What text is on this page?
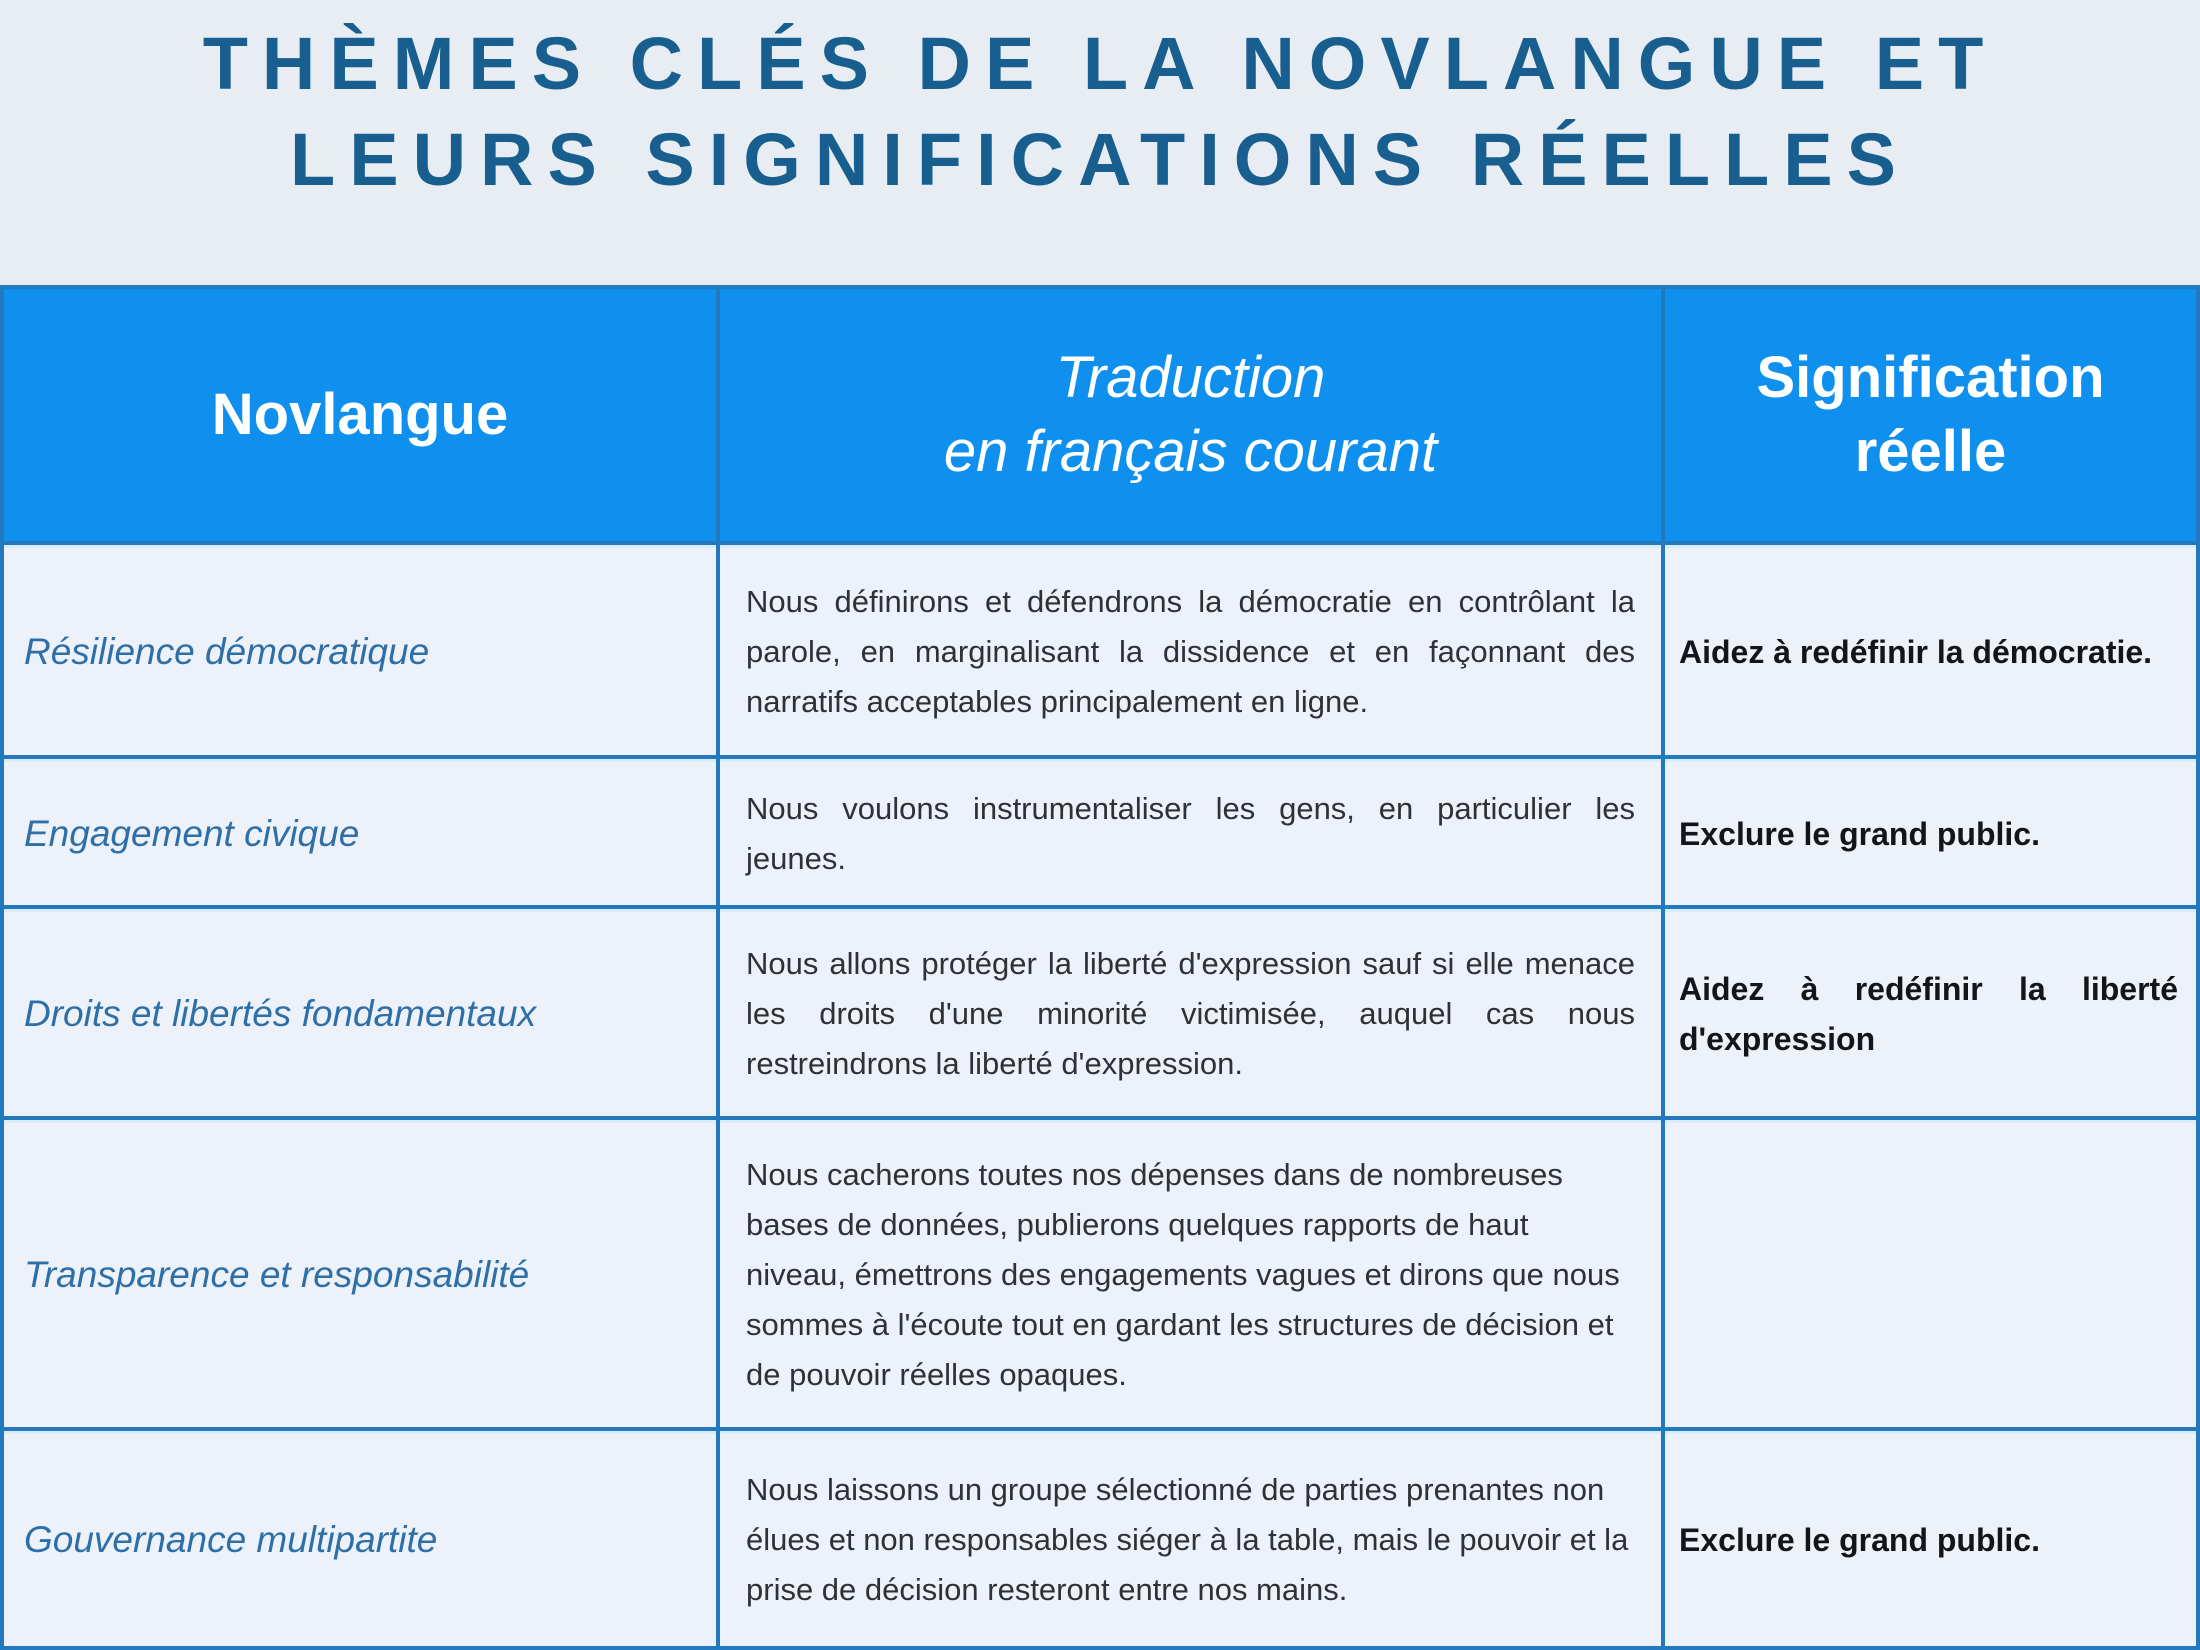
THÈMES CLÉS DE LA NOVLANGUE ET
LEURS SIGNIFICATIONS RÉELLES
Novlangue
Traduction
en français courant
Signification
réelle
Résilience démocratique
Nous définirons et défendrons la démocratie en contrôlant la parole, en marginalisant la dissidence et en façonnant des narratifs acceptables principalement en ligne.
Aidez à redéfinir la démocratie.
Engagement civique
Nous voulons instrumentaliser les gens, en particulier les jeunes.
Exclure le grand public.
Droits et libertés fondamentaux
Nous allons protéger la liberté d'expression sauf si elle menace les droits d'une minorité victimisée, auquel cas nous restreindrons la liberté d'expression.
Aidez à redéfinir la liberté d'expression
Transparence et responsabilité
Nous cacherons toutes nos dépenses dans de nombreuses bases de données, publierons quelques rapports de haut niveau, émettrons des engagements vagues et dirons que nous sommes à l'écoute tout en gardant les structures de décision et de pouvoir réelles opaques.
Gouvernance multipartite
Nous laissons un groupe sélectionné de parties prenantes non élues et non responsables siéger à la table, mais le pouvoir et la prise de décision resteront entre nos mains.
Exclure le grand public.
